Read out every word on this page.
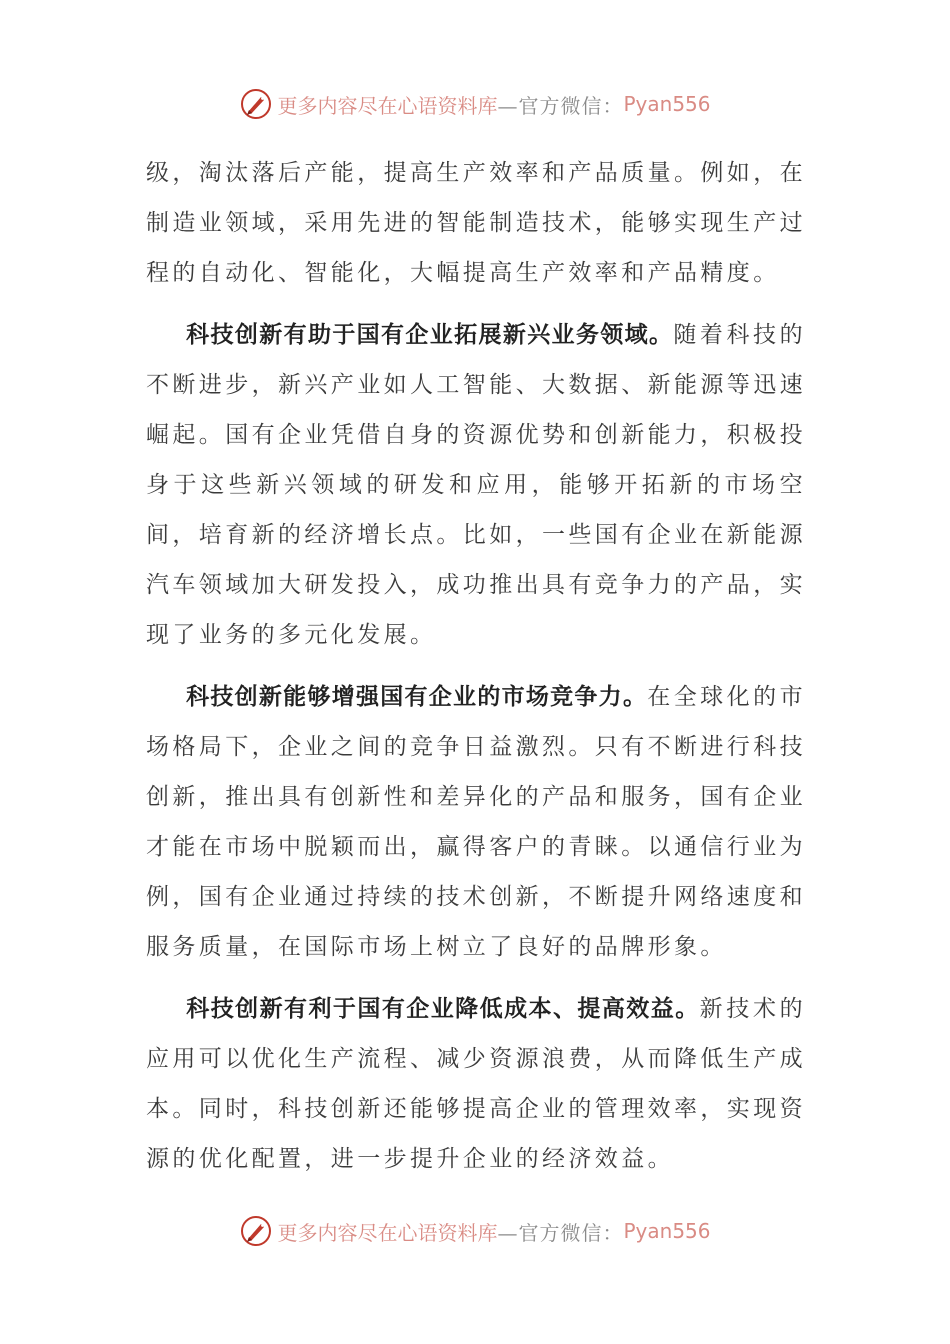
更多内容尽在心语资料库 —官方微信： Pyan556

级，淘汰落后产能，提高生产效率和产品质量。例如，在制造业领域，采用先进的智能制造技术，能够实现生产过程的自动化、智能化，大幅提高生产效率和产品精度。

科技创新有助于国有企业拓展新兴业务领域。随着科技的不断进步，新兴产业如人工智能、大数据、新能源等迅速崛起。国有企业凭借自身的资源优势和创新能力，积极投身于这些新兴领域的研发和应用，能够开拓新的市场空间，培育新的经济增长点。比如，一些国有企业在新能源汽车领域加大研发投入，成功推出具有竞争力的产品，实现了业务的多元化发展。

科技创新能够增强国有企业的市场竞争力。在全球化的市场格局下，企业之间的竞争日益激烈。只有不断进行科技创新，推出具有创新性和差异化的产品和服务，国有企业才能在市场中脱颖而出，赢得客户的青睐。以通信行业为例，国有企业通过持续的技术创新，不断提升网络速度和服务质量，在国际市场上树立了良好的品牌形象。

科技创新有利于国有企业降低成本、提高效益。新技术的应用可以优化生产流程、减少资源浪费，从而降低生产成本。同时，科技创新还能够提高企业的管理效率，实现资源的优化配置，进一步提升企业的经济效益。

更多内容尽在心语资料库 —官方微信： Pyan556
